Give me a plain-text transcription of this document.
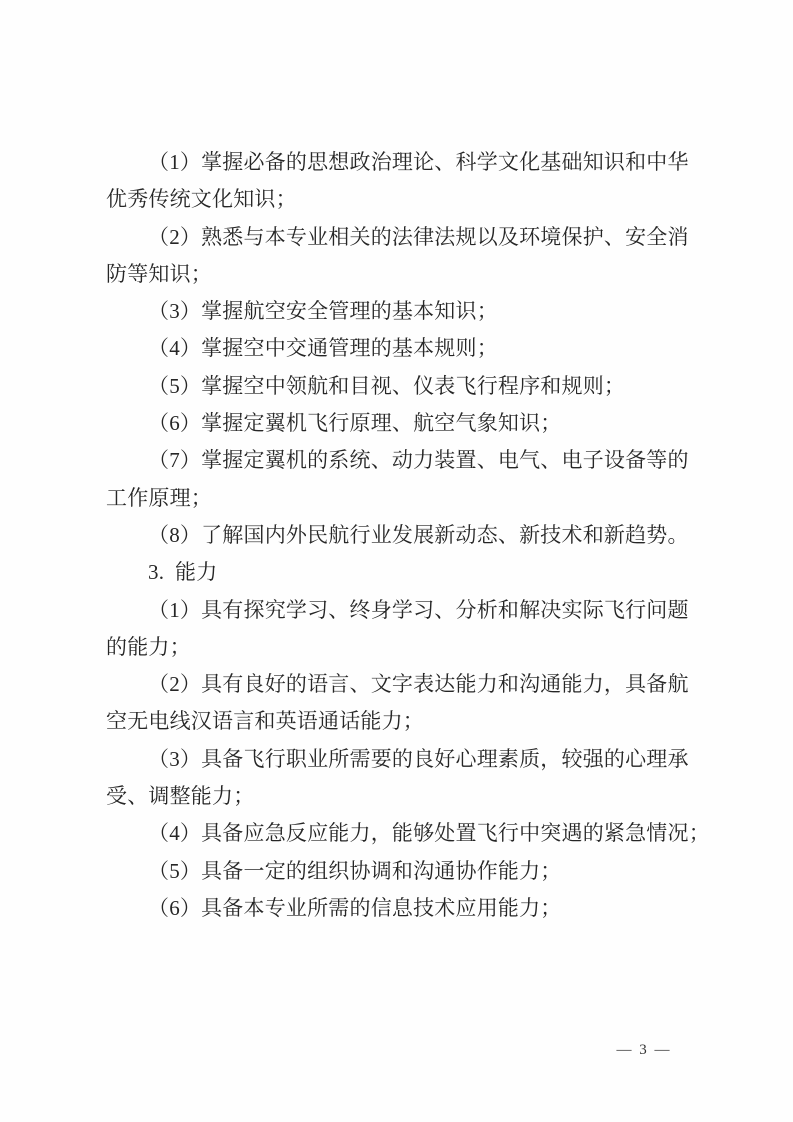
（1）掌握必备的思想政治理论、科学文化基础知识和中华
优秀传统文化知识；
（2）熟悉与本专业相关的法律法规以及环境保护、安全消
防等知识；
（3）掌握航空安全管理的基本知识；
（4）掌握空中交通管理的基本规则；
（5）掌握空中领航和目视、仪表飞行程序和规则；
（6）掌握定翼机飞行原理、航空气象知识；
（7）掌握定翼机的系统、动力装置、电气、电子设备等的
工作原理；
（8）了解国内外民航行业发展新动态、新技术和新趋势。
3.  能力
（1）具有探究学习、终身学习、分析和解决实际飞行问题
的能力；
（2）具有良好的语言、文字表达能力和沟通能力，具备航
空无电线汉语言和英语通话能力；
（3）具备飞行职业所需要的良好心理素质，较强的心理承
受、调整能力；
（4）具备应急反应能力，能够处置飞行中突遇的紧急情况；
（5）具备一定的组织协调和沟通协作能力；
（6）具备本专业所需的信息技术应用能力；
— 3 —
